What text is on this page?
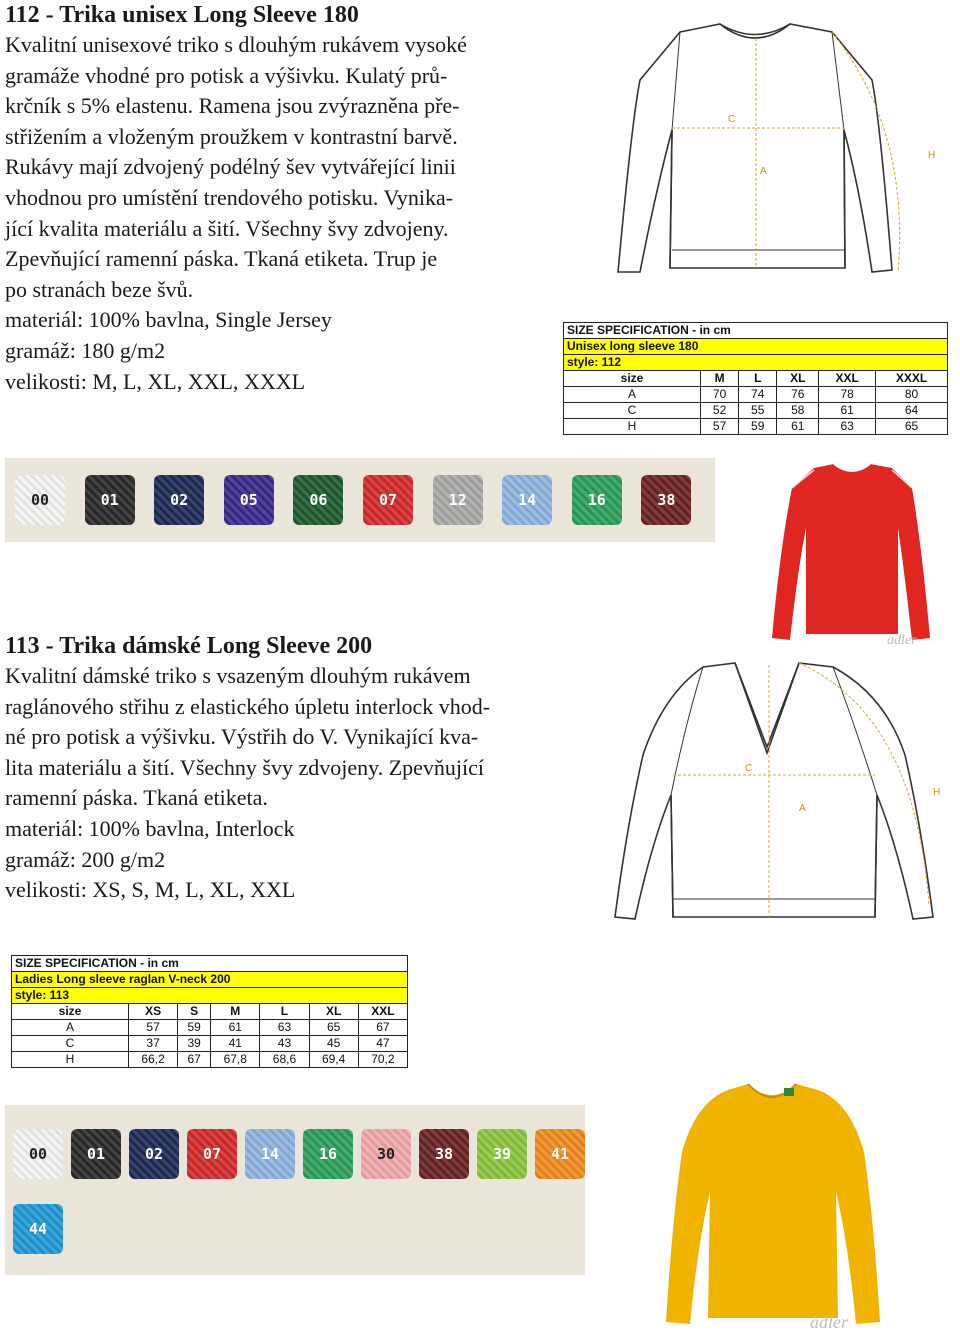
112 - Trika unisex Long Sleeve 180
Kvalitní unisexové triko s dlouhým rukávem vysoké
gramáže vhodné pro potisk a výšivku. Kulatý prů-
krčník s 5% elastenu. Ramena jsou zvýrazněna pře-
střižením a vloženým proužkem v kontrastní barvě.
Rukávy mají zdvojený podélný šev vytvářející linii
vhodnou pro umístění trendového potisku. Vynika-
jící kvalita materiálu a šití. Všechny švy zdvojeny.
Zpevňující ramenní páska. Tkaná etiketa. Trup je
po stranách beze švů.
materiál: 100% bavlna, Single Jersey
gramáž: 180 g/m2
velikosti: M, L, XL, XXL, XXXL
C
A
H
SIZE SPECIFICATION - in cm					
Unisex long sleeve 180					
style: 112					
size	M	L	XL	XXL	XXXL
A	70	74	76	78	80
C	52	55	58	61	64
H	57	59	61	63	65
00	01	02	05	06	07	12	14	16	38
adler
113 - Trika dámské Long Sleeve 200
Kvalitní dámské triko s vsazeným dlouhým rukávem
raglánového střihu z elastického úpletu interlock vhod-
né pro potisk a výšivku. Výstřih do V. Vynikající kva-
lita materiálu a šití. Všechny švy zdvojeny. Zpevňující
ramenní páska. Tkaná etiketa.
materiál: 100% bavlna, Interlock
gramáž: 200 g/m2
velikosti: XS, S, M, L, XL, XXL
C
A
H
SIZE SPECIFICATION - in cm						
Ladies Long sleeve raglan V-neck 200						
style: 113						
size	XS	S	M	L	XL	XXL
A	57	59	61	63	65	67
C	37	39	41	43	45	47
H	66,2	67	67,8	68,6	69,4	70,2
00	01	02	07	14	16	30	38	39	41
44
adler
